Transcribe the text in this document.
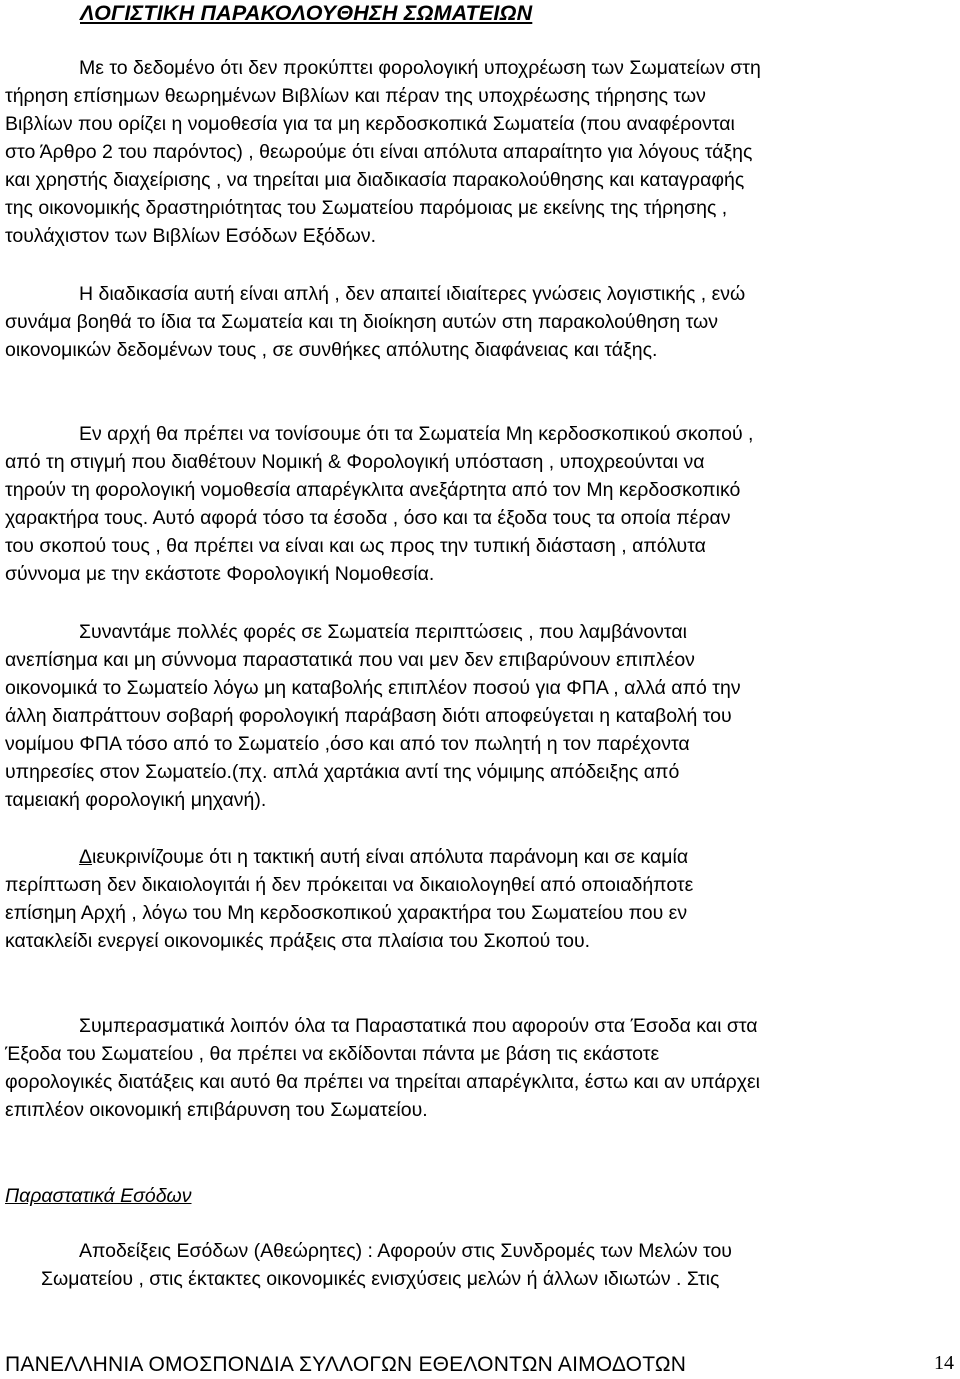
ΛΟΓΙΣΤΙΚΗ ΠΑΡΑΚΟΛΟΥΘΗΣΗ ΣΩΜΑΤΕΙΩΝ
Με το δεδομένο ότι δεν προκύπτει φορολογική υποχρέωση των Σωματείων στη
τήρηση επίσημων θεωρημένων Βιβλίων και πέραν της υποχρέωσης τήρησης των
Βιβλίων που ορίζει η νομοθεσία για τα μη κερδοσκοπικά Σωματεία (που αναφέρονται
στο Άρθρο 2 του παρόντος) , θεωρούμε ότι είναι απόλυτα απαραίτητο για λόγους τάξης
και χρηστής διαχείρισης , να τηρείται μια διαδικασία παρακολούθησης και καταγραφής
της οικονομικής δραστηριότητας του Σωματείου παρόμοιας με εκείνης της τήρησης ,
τουλάχιστον των Βιβλίων Εσόδων Εξόδων.
Η διαδικασία αυτή είναι απλή , δεν απαιτεί ιδιαίτερες γνώσεις λογιστικής , ενώ
συνάμα βοηθά το ίδια τα Σωματεία και τη διοίκηση αυτών στη παρακολούθηση των
οικονομικών δεδομένων τους , σε συνθήκες απόλυτης διαφάνειας και τάξης.
Εν αρχή θα πρέπει να τονίσουμε ότι τα Σωματεία Μη κερδοσκοπικού σκοπού ,
από τη στιγμή που διαθέτουν Νομική & Φορολογική υπόσταση , υποχρεούνται να
τηρούν τη φορολογική νομοθεσία απαρέγκλιτα ανεξάρτητα από τον Μη κερδοσκοπικό
χαρακτήρα τους. Αυτό αφορά τόσο τα έσοδα , όσο και τα έξοδα τους τα οποία πέραν
του σκοπού τους , θα πρέπει να είναι και ως προς την τυπική διάσταση , απόλυτα
σύννομα με την εκάστοτε Φορολογική Νομοθεσία.
Συναντάμε πολλές φορές σε Σωματεία περιπτώσεις , που λαμβάνονται
ανεπίσημα και μη σύννομα παραστατικά που ναι μεν δεν επιβαρύνουν επιπλέον
οικονομικά το Σωματείο λόγω μη καταβολής επιπλέον ποσού για ΦΠΑ , αλλά από την
άλλη διαπράττουν σοβαρή φορολογική παράβαση διότι αποφεύγεται η καταβολή του
νομίμου ΦΠΑ τόσο από το Σωματείο ,όσο και από τον πωλητή η τον παρέχοντα
υπηρεσίες στον Σωματείο.(πχ. απλά χαρτάκια αντί της νόμιμης απόδειξης από
ταμειακή φορολογική μηχανή).
Διευκρινίζουμε ότι η τακτική αυτή είναι απόλυτα παράνομη και σε καμία
περίπτωση δεν δικαιολογιτάι ή δεν πρόκειται να δικαιολογηθεί από οποιαδήποτε
επίσημη Αρχή , λόγω του Μη κερδοσκοπικού χαρακτήρα του Σωματείου που εν
κατακλείδι ενεργεί οικονομικές πράξεις στα πλαίσια του Σκοπού του.
Συμπερασματικά λοιπόν όλα τα Παραστατικά που αφορούν στα Έσοδα και στα
Έξοδα του Σωματείου , θα πρέπει να εκδίδονται πάντα με βάση τις εκάστοτε
φορολογικές διατάξεις και αυτό θα πρέπει να τηρείται απαρέγκλιτα, έστω και αν υπάρχει
επιπλέον οικονομική επιβάρυνση του Σωματείου.
Παραστατικά Εσόδων
Αποδείξεις Εσόδων (Αθεώρητες) : Αφορούν στις Συνδρομές των Μελών του
Σωματείου , στις έκτακτες οικονομικές ενισχύσεις μελών ή άλλων ιδιωτών . Στις
ΠΑΝΕΛΛΗΝΙΑ ΟΜΟΣΠΟΝΔΙΑ ΣΥΛΛΟΓΩΝ ΕΘΕΛΟΝΤΩΝ ΑΙΜΟΔΟΤΩΝ	14
